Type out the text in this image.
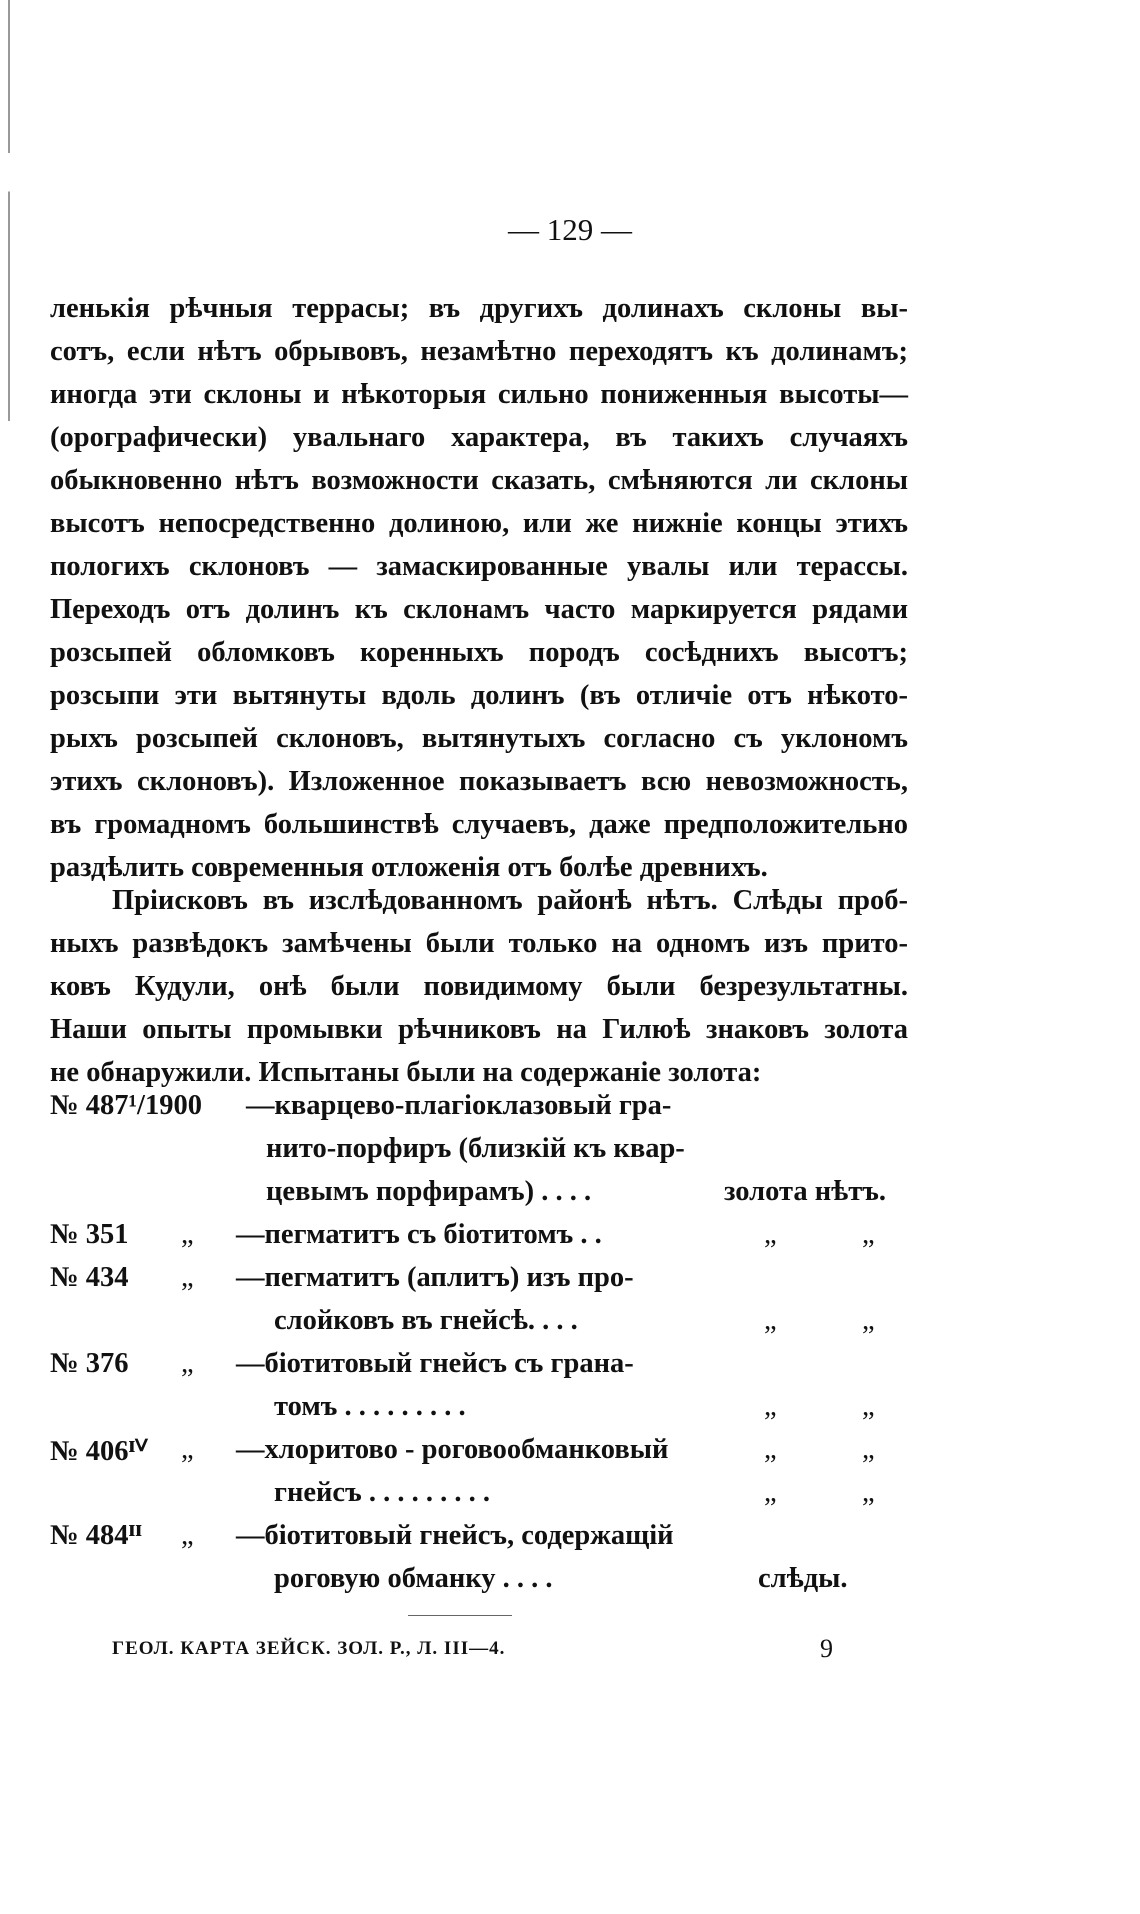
— 129 —
ленькія рѣчныя террасы; въ другихъ долинахъ склоны вы-
сотъ, если нѣтъ обрывовъ, незамѣтно переходятъ къ долинамъ;
иногда эти склоны и нѣкоторыя сильно пониженныя высоты—
(орографически) увальнаго характера, въ такихъ случаяхъ
обыкновенно нѣтъ возможности сказать, смѣняются ли склоны
высотъ непосредственно долиною, или же нижніе концы этихъ
пологихъ склоновъ — замаскированные увалы или терассы.
Переходъ отъ долинъ къ склонамъ часто маркируется рядами
розсыпей обломковъ коренныхъ породъ сосѣднихъ высотъ;
розсыпи эти вытянуты вдоль долинъ (въ отличіе отъ нѣкото-
рыхъ розсыпей склоновъ, вытянутыхъ согласно съ уклономъ
этихъ склоновъ). Изложенное показываетъ всю невозможность,
въ громадномъ большинствѣ случаевъ, даже предположительно
раздѣлить современныя отложенія отъ болѣе древнихъ.
Пріисковъ въ изслѣдованномъ районѣ нѣтъ. Слѣды проб-
ныхъ развѣдокъ замѣчены были только на одномъ изъ прито-
ковъ Кудули, онѣ были повидимому были безрезультатны.
Наши опыты промывки рѣчниковъ на Гилюѣ знаковъ золота
не обнаружили. Испытаны были на содержаніе золота:
№ 487¹/1900 —кварцево-плагіоклазовый гра-
нито-порфиръ (близкій къ квар-
цевымъ порфирамъ) . . . .	золота нѣтъ.
№ 351 „ —пегматитъ съ біотитомъ . .	„	„
№ 434 „ —пегматитъ (аплитъ) изъ про-
слойковъ въ гнейсѣ. . . .	„	„
№ 376 „ —біотитовый гнейсъ съ грана-
томъ . . . . . . . . .	„	„
№ 406ᴵⱽ „ —хлоритово - роговообманковый	„	„
гнейсъ . . . . . . . . .	„	„
№ 484ᴵᴵ „ —біотитовый гнейсъ, содержащій
роговую обманку . . . .	слѣды.
ГЕОЛ. КАРТА ЗЕЙСК. ЗОЛ. Р., Л. III—4.	9
